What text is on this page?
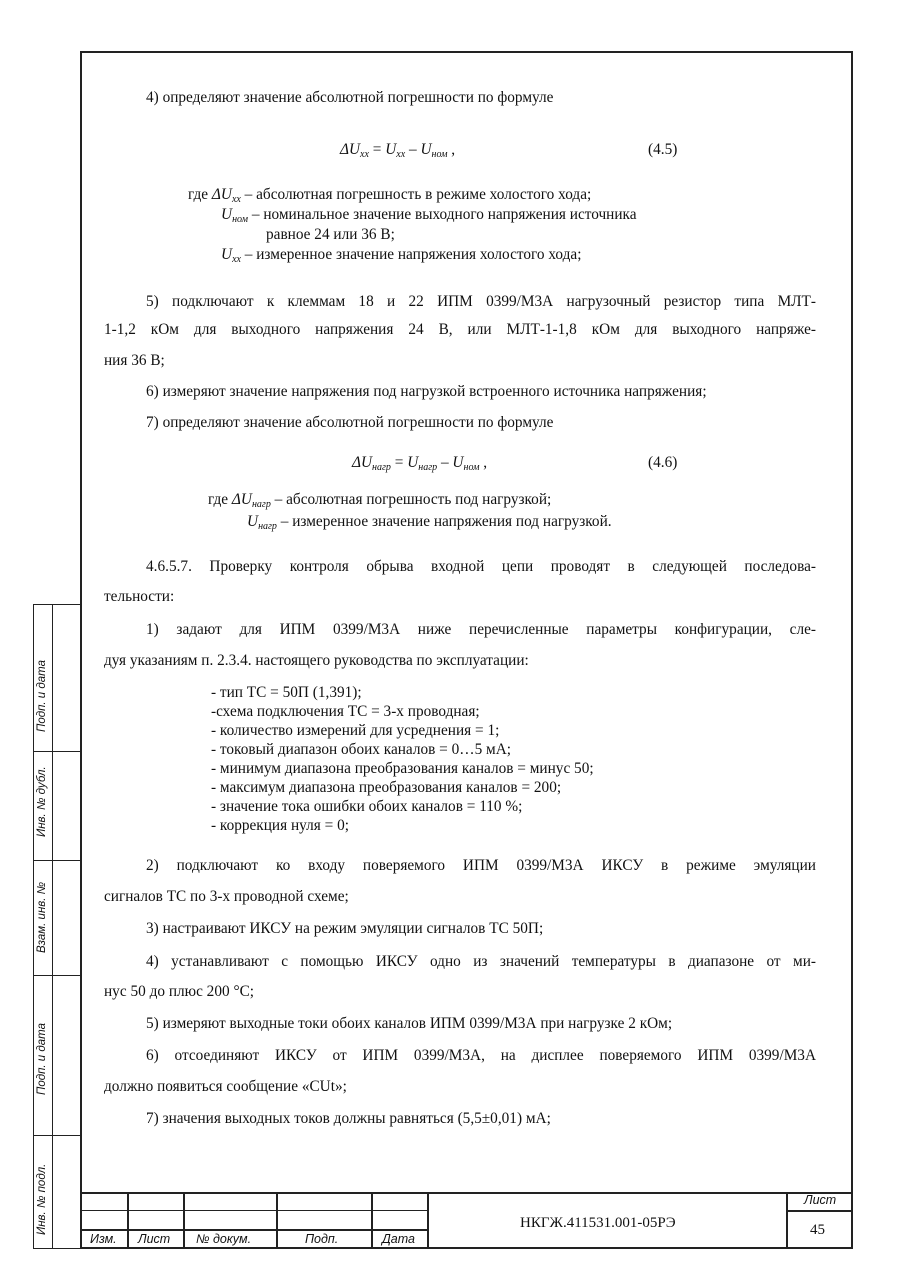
4) определяют значение абсолютной погрешности по формуле
$\Delta U_{хх} = U_{хх} - U_{ном}$ ,	(4.5)
где $\Delta U_{хх}$ – абсолютная погрешность в режиме холостого хода;
$U_{ном}$ – номинальное значение выходного напряжения источника
равное 24 или 36 В;
$U_{хх}$ – измеренное значение напряжения холостого хода;
5) подключают к клеммам 18 и 22 ИПМ 0399/М3А нагрузочный резистор типа МЛТ-
1-1,2 кОм для выходного напряжения 24 В, или МЛТ-1-1,8 кОм для выходного напряже-
ния 36 В;
6) измеряют значение напряжения под нагрузкой встроенного источника напряжения;
7) определяют значение абсолютной погрешности по формуле
$\Delta U_{нагр} = U_{нагр} - U_{ном}$ ,	(4.6)
где $\Delta U_{нагр}$ – абсолютная погрешность под нагрузкой;
$U_{нагр}$ – измеренное значение напряжения под нагрузкой.
4.6.5.7. Проверку контроля обрыва входной цепи проводят в следующей последова-
тельности:
1) задают для ИПМ 0399/М3А ниже перечисленные параметры конфигурации, сле-
дуя указаниям п. 2.3.4. настоящего руководства по эксплуатации:
- тип ТС = 50П (1,391);
-схема подключения ТС = 3-х проводная;
- количество измерений для усреднения = 1;
- токовый диапазон обоих каналов = 0…5 мА;
- минимум диапазона преобразования каналов = минус 50;
- максимум диапазона преобразования каналов = 200;
- значение тока ошибки обоих каналов = 110 %;
- коррекция нуля = 0;
2) подключают ко входу поверяемого ИПМ 0399/М3А ИКСУ в режиме эмуляции
сигналов ТС по 3-х проводной схеме;
3) настраивают ИКСУ на режим эмуляции сигналов ТС 50П;
4) устанавливают с помощью ИКСУ одно из значений температуры в диапазоне от ми-
нус 50 до плюс 200 °С;
5) измеряют выходные токи обоих каналов ИПМ 0399/М3А при нагрузке 2 кОм;
6) отсоединяют ИКСУ от ИПМ 0399/М3А, на дисплее поверяемого ИПМ 0399/М3А
должно появиться сообщение «CUt»;
7) значения выходных токов должны равняться (5,5±0,01) мА;
Подп. и дата
Инв. № дубл.
Взам. инв. №
Подп. и дата
Инв. № подл.
Изм. Лист № докум.	Подп.	Дата
НКГЖ.411531.001-05РЭ
Лист
45
